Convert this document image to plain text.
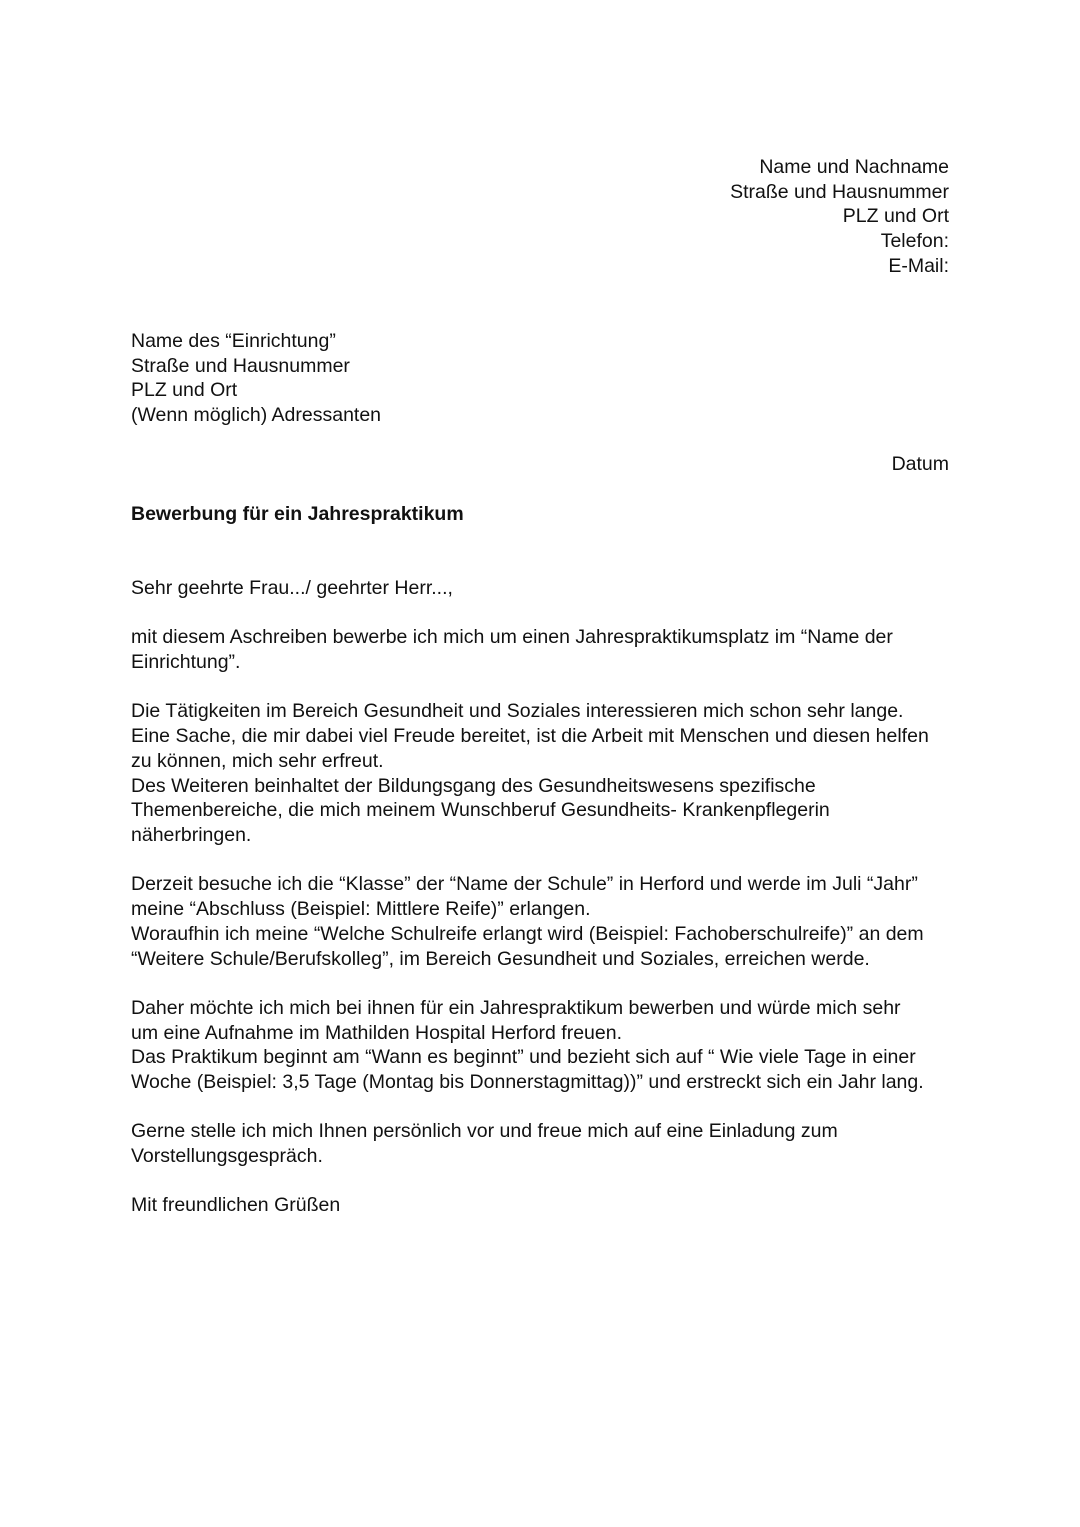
Name und Nachname
Straße und Hausnummer
PLZ und Ort
Telefon:
E-Mail:
Name des “Einrichtung”
Straße und Hausnummer
PLZ und Ort
(Wenn möglich) Adressanten
Datum
Bewerbung für ein Jahrespraktikum
Sehr geehrte Frau.../ geehrter Herr...,
mit diesem Aschreiben bewerbe ich mich um einen Jahrespraktikumsplatz im “Name der
Einrichtung”.
Die Tätigkeiten im Bereich Gesundheit und Soziales interessieren mich schon sehr lange.
Eine Sache, die mir dabei viel Freude bereitet, ist die Arbeit mit Menschen und diesen helfen
zu können, mich sehr erfreut.
Des Weiteren beinhaltet der Bildungsgang des Gesundheitswesens spezifische
Themenbereiche, die mich meinem Wunschberuf Gesundheits- Krankenpflegerin
näherbringen.
Derzeit besuche ich die “Klasse” der “Name der Schule” in Herford und werde im Juli “Jahr”
meine “Abschluss (Beispiel: Mittlere Reife)” erlangen.
Woraufhin ich meine “Welche Schulreife erlangt wird (Beispiel: Fachoberschulreife)” an dem
“Weitere Schule/Berufskolleg”, im Bereich Gesundheit und Soziales, erreichen werde.
Daher möchte ich mich bei ihnen für ein Jahrespraktikum bewerben und würde mich sehr
um eine Aufnahme im Mathilden Hospital Herford freuen.
Das Praktikum beginnt am “Wann es beginnt” und bezieht sich auf “ Wie viele Tage in einer
Woche (Beispiel: 3,5 Tage (Montag bis Donnerstagmittag))” und erstreckt sich ein Jahr lang.
Gerne stelle ich mich Ihnen persönlich vor und freue mich auf eine Einladung zum
Vorstellungsgespräch.
Mit freundlichen Grüßen
